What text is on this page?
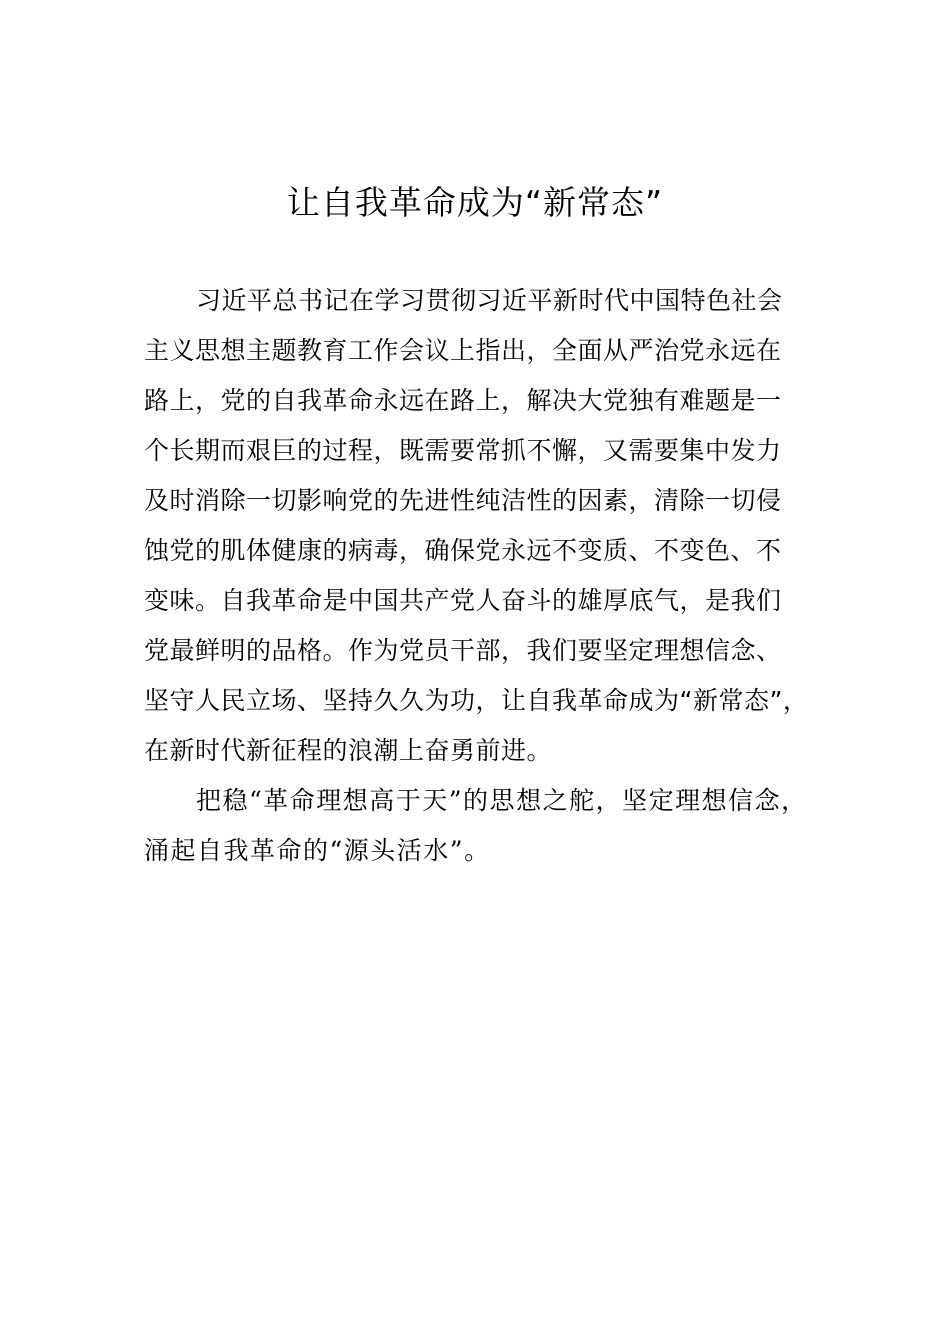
让自我革命成为“新常态”
习近平总书记在学习贯彻习近平新时代中国特色社会
主义思想主题教育工作会议上指出，全面从严治党永远在
路上，党的自我革命永远在路上，解决大党独有难题是一
个长期而艰巨的过程，既需要常抓不懈，又需要集中发力
及时消除一切影响党的先进性纯洁性的因素，清除一切侵
蚀党的肌体健康的病毒，确保党永远不变质、不变色、不
变味。自我革命是中国共产党人奋斗的雄厚底气，是我们
党最鲜明的品格。作为党员干部，我们要坚定理想信念、
坚守人民立场、坚持久久为功，让自我革命成为“新常态”，
在新时代新征程的浪潮上奋勇前进。
把稳“革命理想高于天”的思想之舵，坚定理想信念，
涌起自我革命的“源头活水”。
